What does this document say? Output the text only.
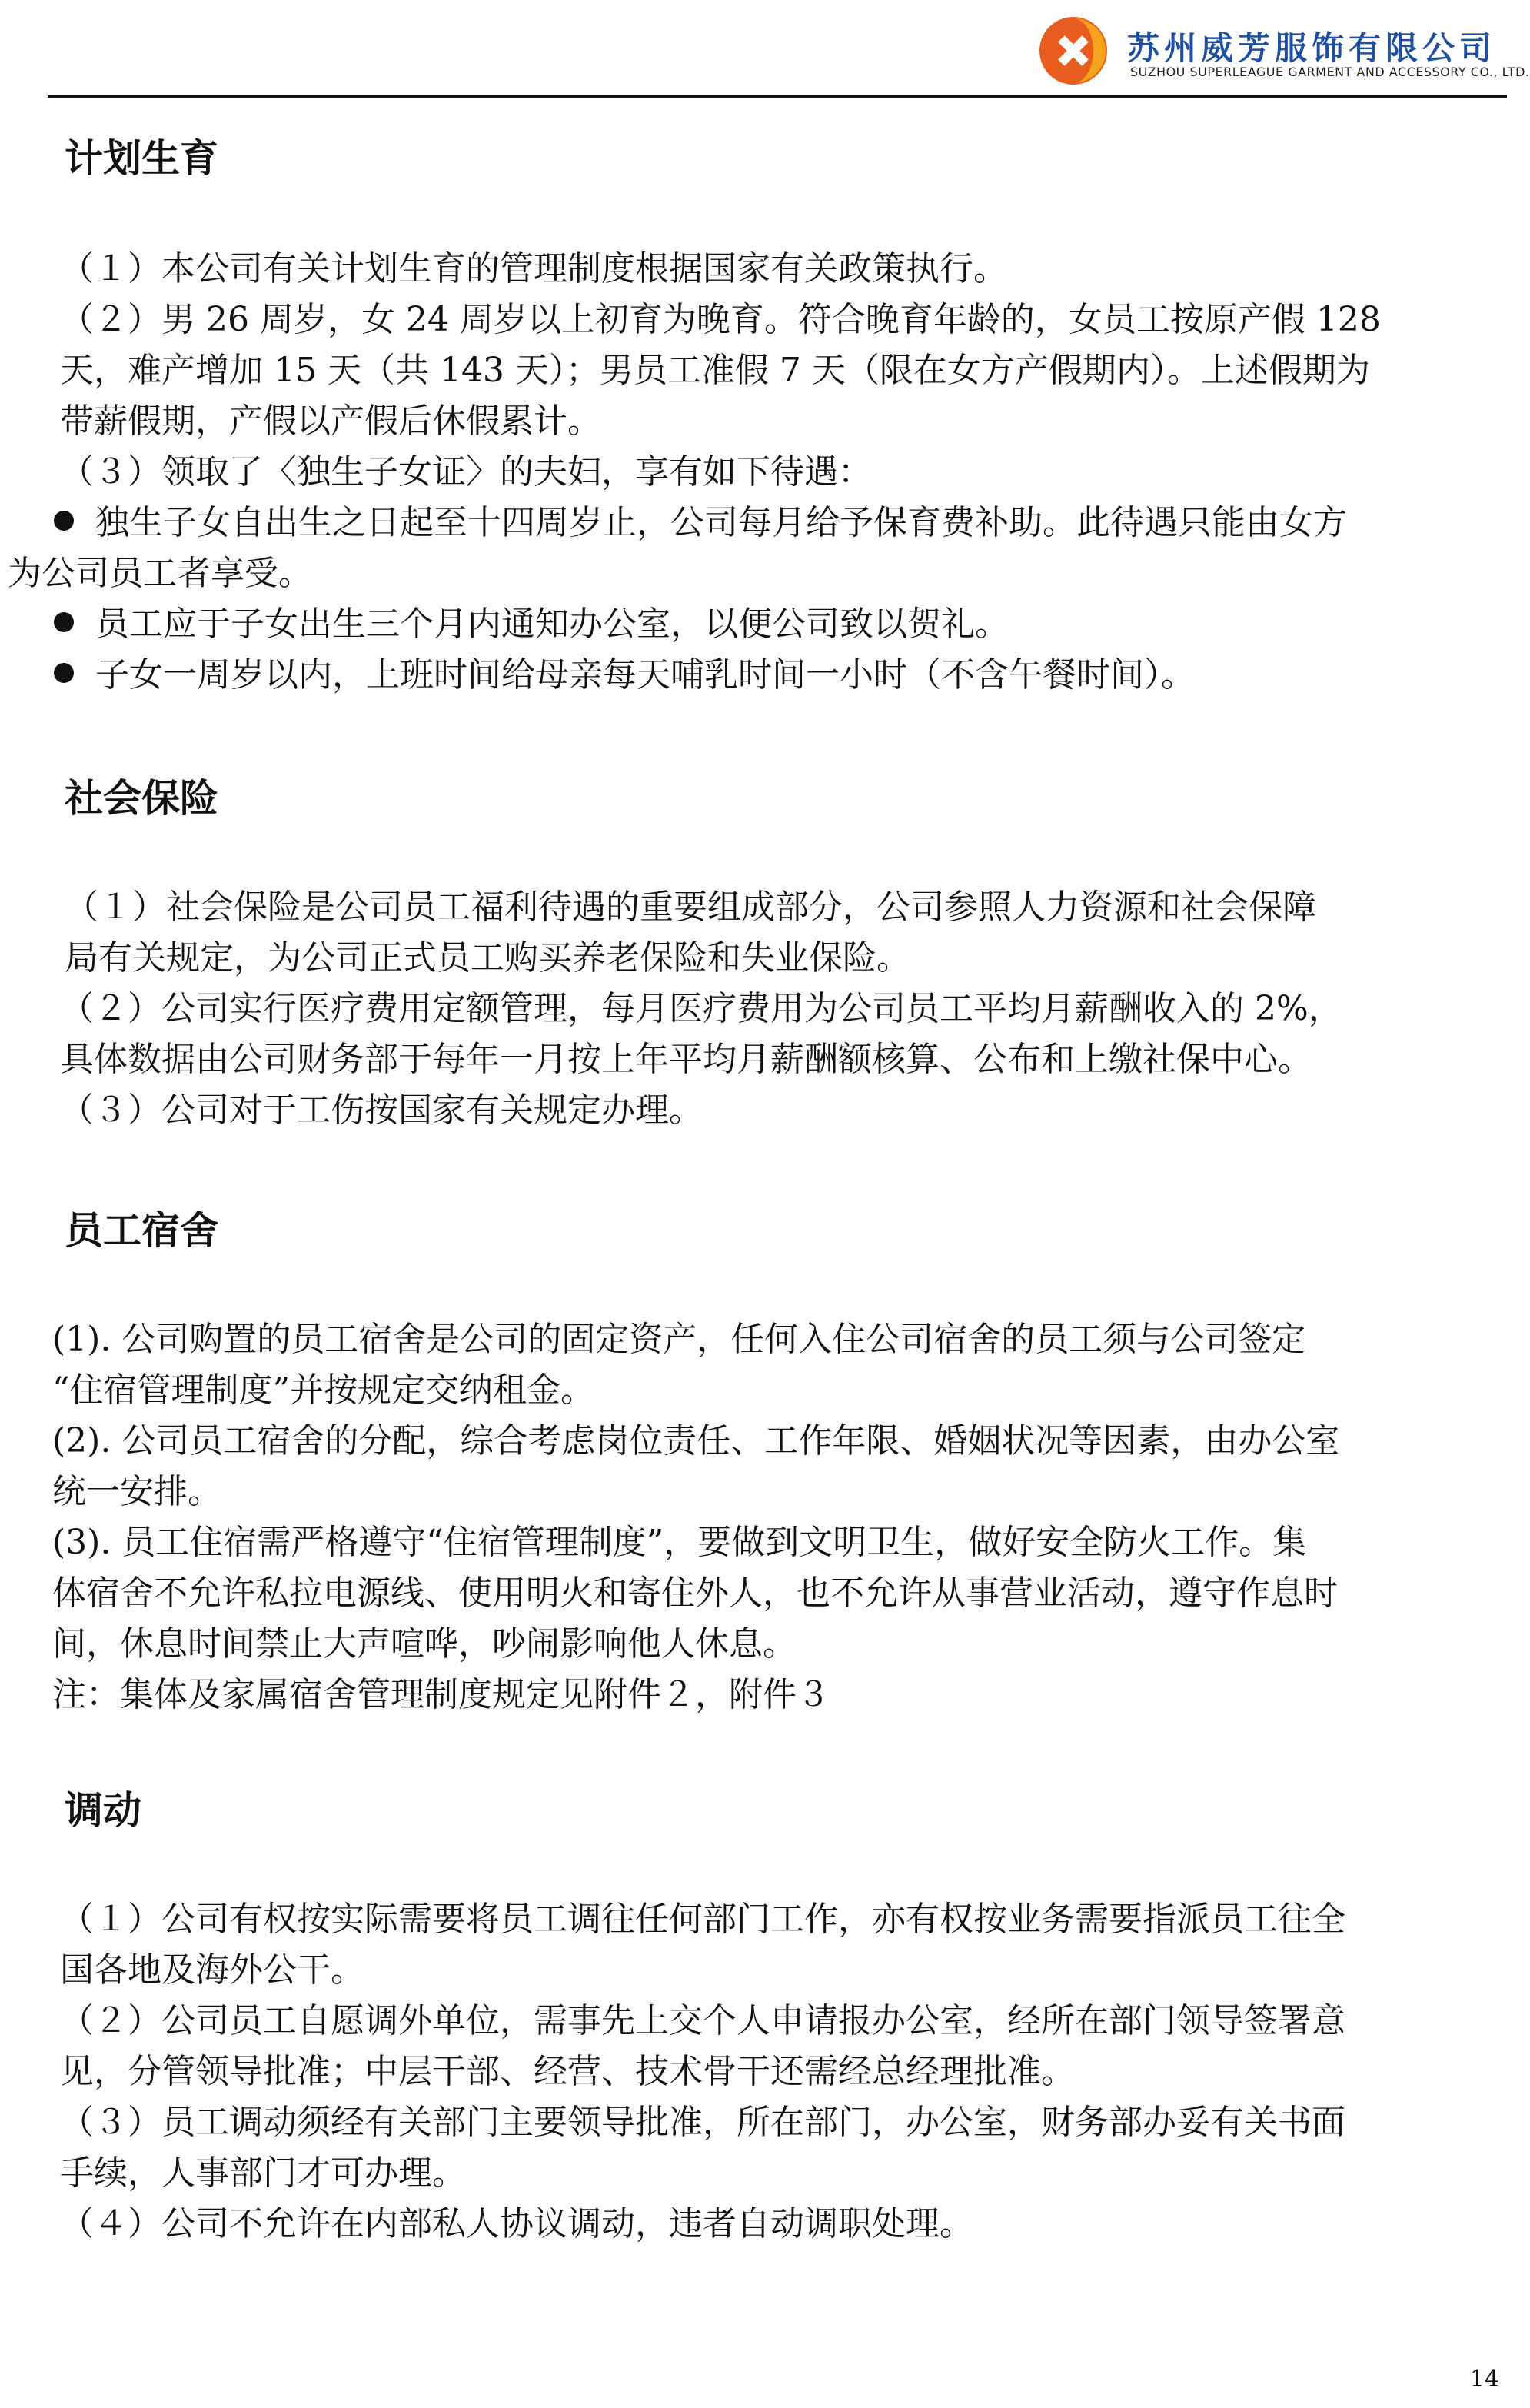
苏州威芳服饰有限公司
SUZHOU SUPERLEAGUE GARMENT AND ACCESSORY CO., LTD.
计划生育
（１）本公司有关计划生育的管理制度根据国家有关政策执行。
（２）男 26 周岁，女 24 周岁以上初育为晚育。符合晚育年龄的，女员工按原产假 128
天，难产增加 15 天（共 143 天）；男员工准假 7 天（限在女方产假期内）。上述假期为
带薪假期，产假以产假后休假累计。
（３）领取了〈独生子女证〉的夫妇，享有如下待遇：
独生子女自出生之日起至十四周岁止，公司每月给予保育费补助。此待遇只能由女方
为公司员工者享受。
员工应于子女出生三个月内通知办公室，以便公司致以贺礼。
子女一周岁以内，上班时间给母亲每天哺乳时间一小时（不含午餐时间）。
社会保险
（１）社会保险是公司员工福利待遇的重要组成部分，公司参照人力资源和社会保障
局有关规定，为公司正式员工购买养老保险和失业保险。
（２）公司实行医疗费用定额管理，每月医疗费用为公司员工平均月薪酬收入的 2%，
具体数据由公司财务部于每年一月按上年平均月薪酬额核算、公布和上缴社保中心。
（３）公司对于工伤按国家有关规定办理。
员工宿舍
(1). 公司购置的员工宿舍是公司的固定资产，任何入住公司宿舍的员工须与公司签定
“住宿管理制度”并按规定交纳租金。
(2). 公司员工宿舍的分配，综合考虑岗位责任、工作年限、婚姻状况等因素，由办公室
统一安排。
(3). 员工住宿需严格遵守“住宿管理制度”，要做到文明卫生，做好安全防火工作。集
体宿舍不允许私拉电源线、使用明火和寄住外人，也不允许从事营业活动，遵守作息时
间，休息时间禁止大声喧哗，吵闹影响他人休息。
注：集体及家属宿舍管理制度规定见附件２，附件３
调动
（１）公司有权按实际需要将员工调往任何部门工作，亦有权按业务需要指派员工往全
国各地及海外公干。
（２）公司员工自愿调外单位，需事先上交个人申请报办公室，经所在部门领导签署意
见，分管领导批准；中层干部、经营、技术骨干还需经总经理批准。
（３）员工调动须经有关部门主要领导批准，所在部门，办公室，财务部办妥有关书面
手续，人事部门才可办理。
（４）公司不允许在内部私人协议调动，违者自动调职处理。
14
